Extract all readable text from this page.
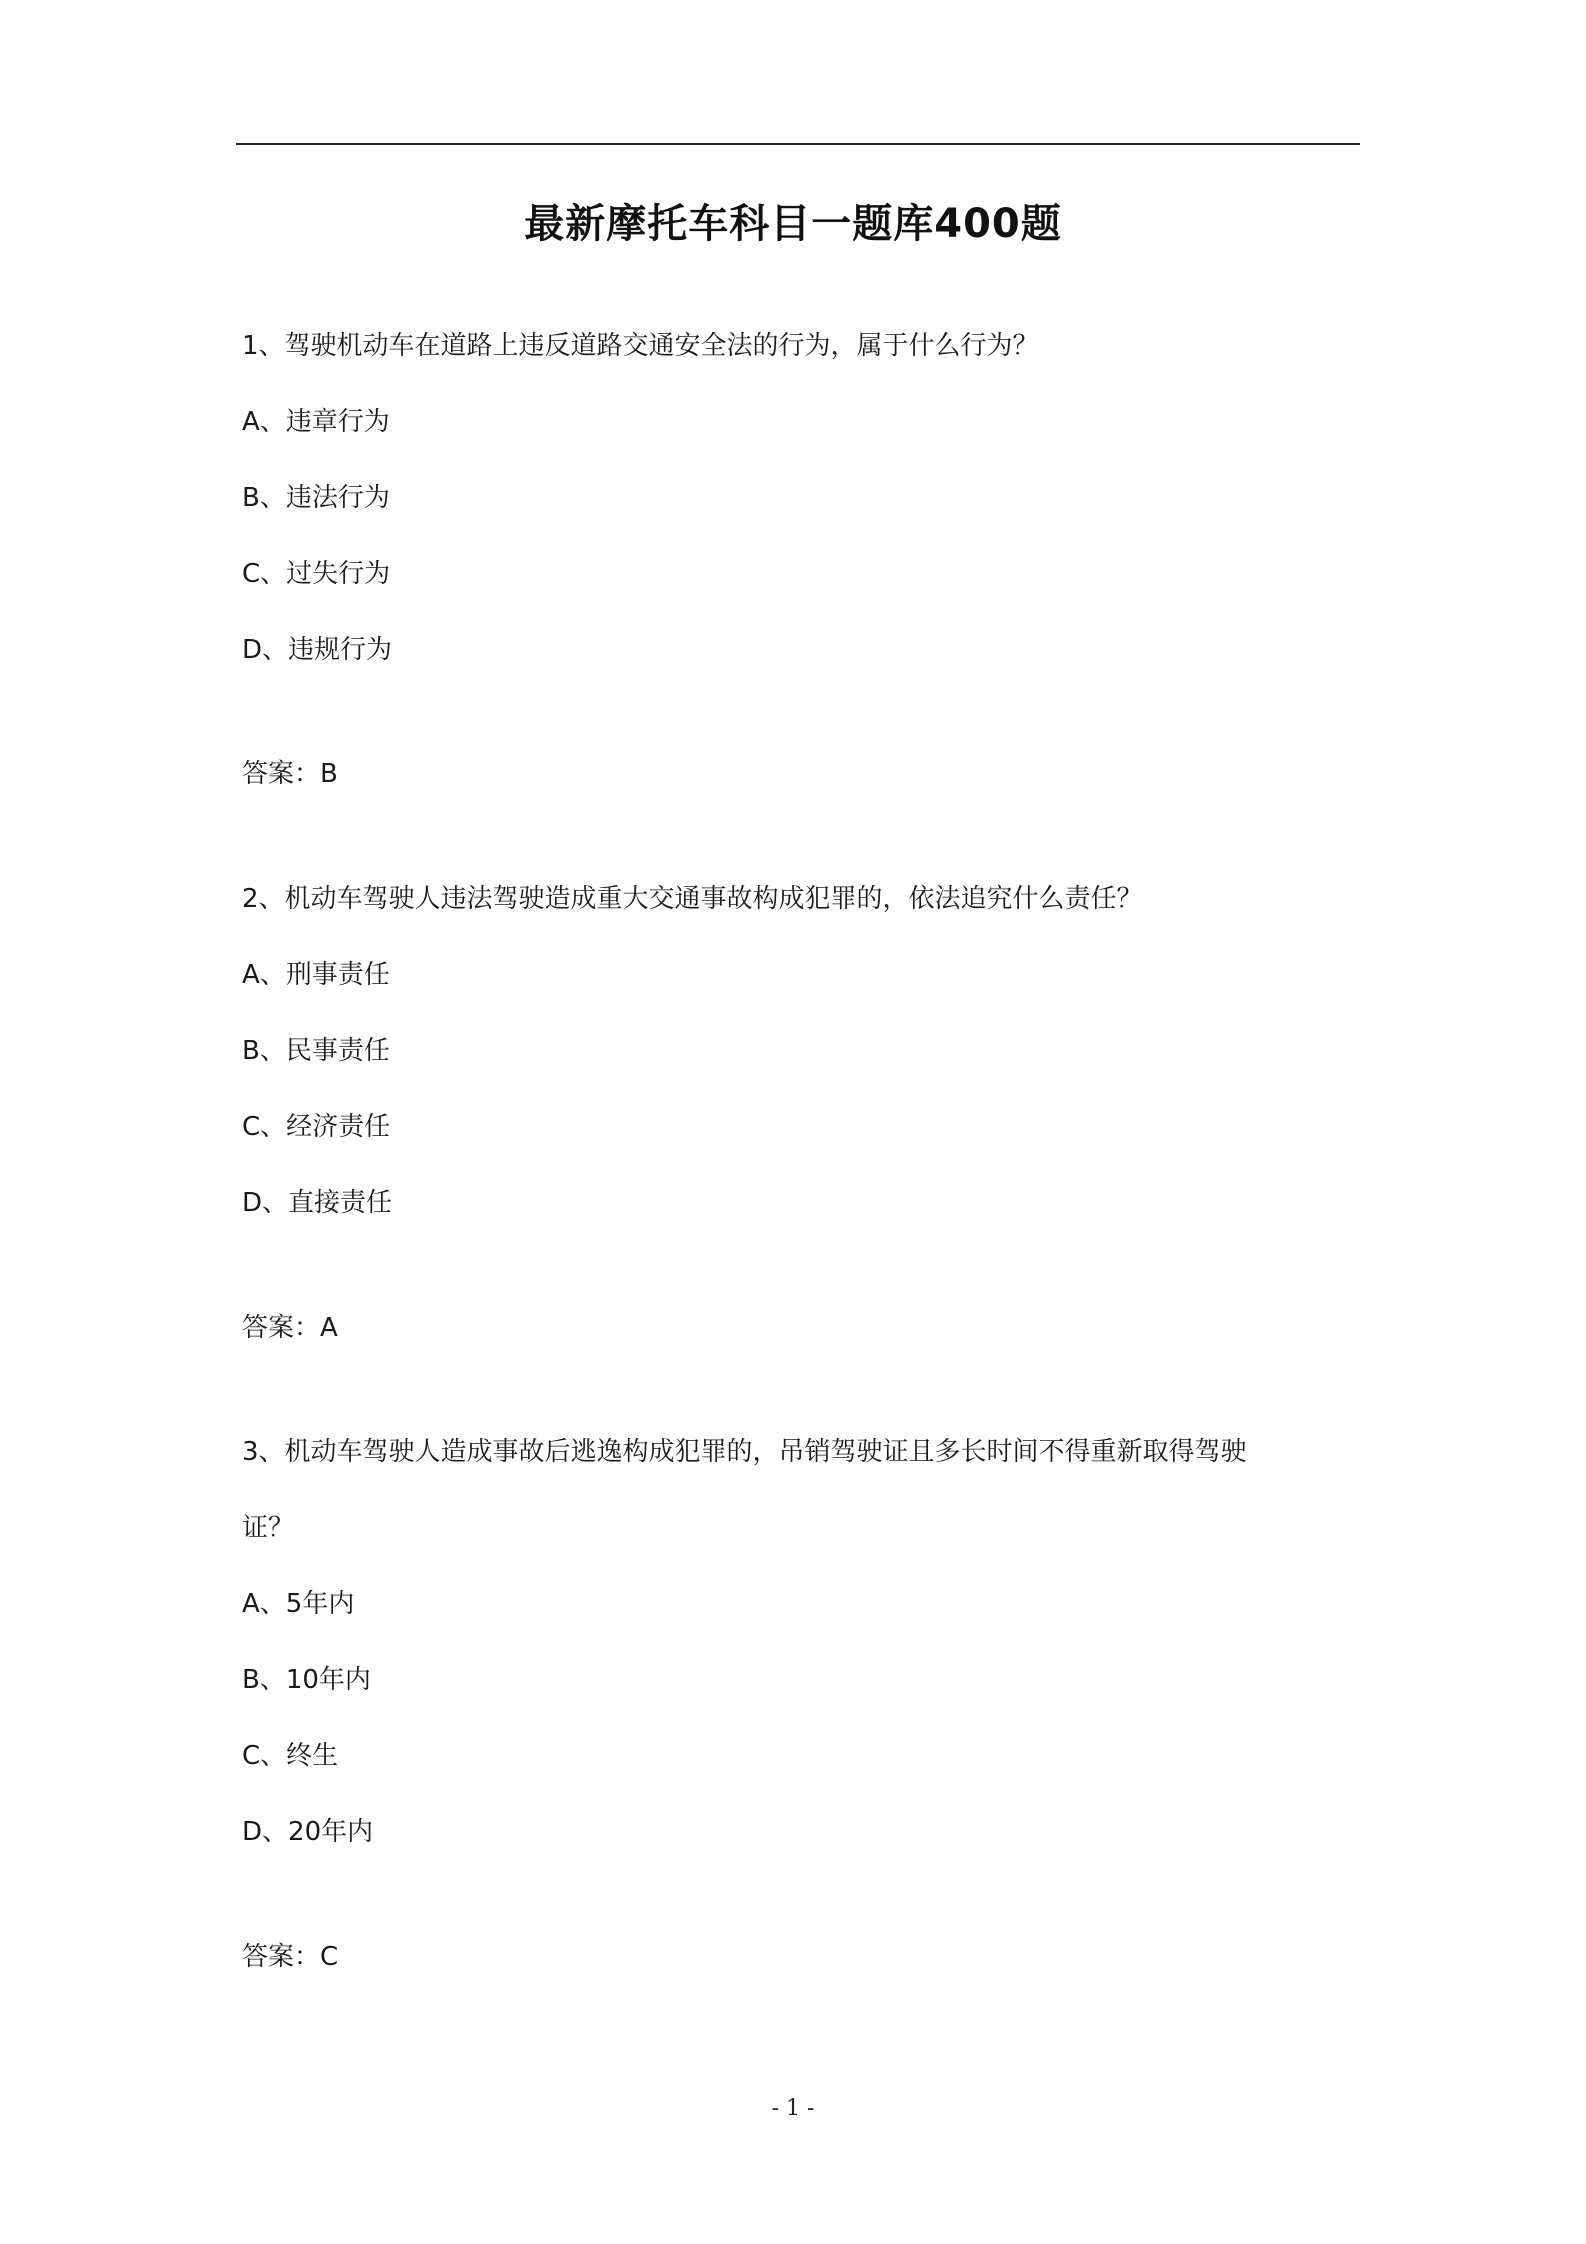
最新摩托车科目一题库400题
1、驾驶机动车在道路上违反道路交通安全法的行为，属于什么行为？
A、违章行为
B、违法行为
C、过失行为
D、违规行为
答案：B
2、机动车驾驶人违法驾驶造成重大交通事故构成犯罪的，依法追究什么责任？
A、刑事责任
B、民事责任
C、经济责任
D、直接责任
答案：A
3、机动车驾驶人造成事故后逃逸构成犯罪的，吊销驾驶证且多长时间不得重新取得驾驶
证？
A、5年内
B、10年内
C、终生
D、20年内
答案：C
- 1 -
